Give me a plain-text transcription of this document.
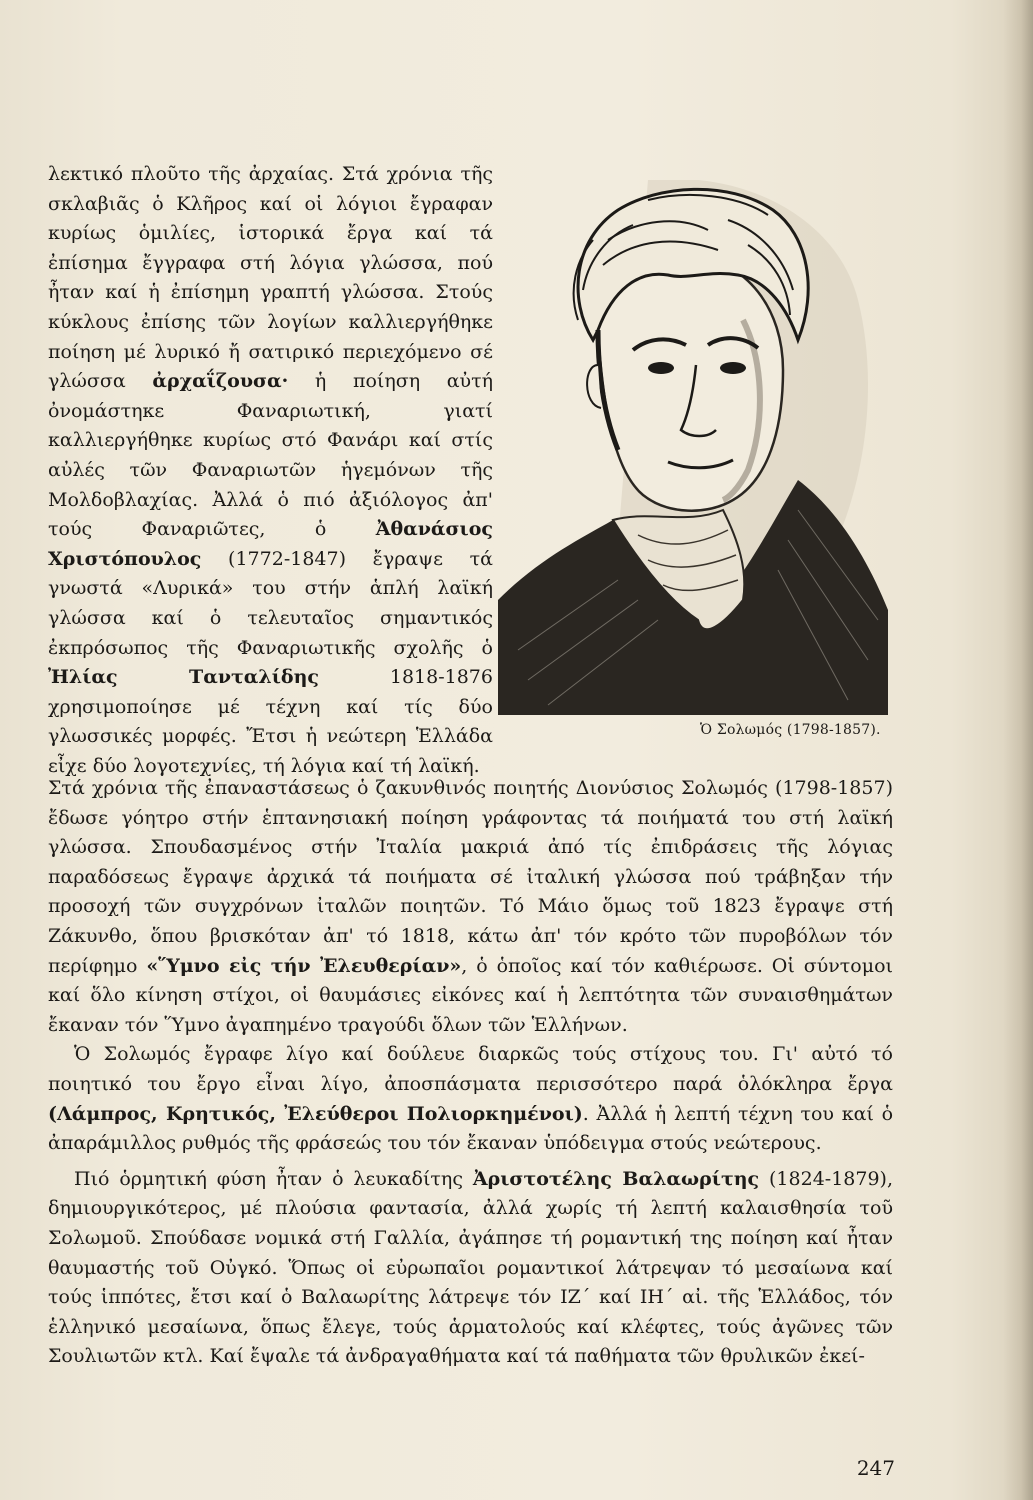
λεκτικό πλοῦτο τῆς ἀρχαίας. Στά χρόνια τῆς σκλαβιᾶς ὁ Κλῆρος καί οἱ λόγιοι ἔγραφαν κυρίως ὁμιλίες, ἱστορικά ἔργα καί τά ἐπίσημα ἔγγραφα στή λόγια γλώσσα, πού ἦταν καί ἡ ἐπίσημη γραπτή γλώσσα. Στούς κύκλους ἐπίσης τῶν λογίων καλλιεργήθηκε ποίηση μέ λυρικό ἤ σατιρικό περιεχόμενο σέ γλώσσα ἀρχαΐζουσα· ἡ ποίηση αὐτή ὀνομάστηκε Φαναριωτική, γιατί καλλιεργήθηκε κυρίως στό Φανάρι καί στίς αὐλές τῶν Φαναριωτῶν ἡγεμόνων τῆς Μολδοβλαχίας. Ἀλλά ὁ πιό ἀξιόλογος ἀπ' τούς Φαναριῶτες, ὁ Ἀθανάσιος Χριστόπουλος (1772-1847) ἔγραψε τά γνωστά «Λυρικά» του στήν ἁπλή λαϊκή γλώσσα καί ὁ τελευταῖος σημαντικός ἐκπρόσωπος τῆς Φαναριωτικῆς σχολῆς ὁ Ἠλίας Τανταλίδης 1818-1876 χρησιμοποίησε μέ τέχνη καί τίς δύο γλωσσικές μορφές. Ἔτσι ἡ νεώτερη Ἑλλάδα εἶχε δύο λογοτεχνίες, τή λόγια καί τή λαϊκή.

Ὁ Σολωμός (1798-1857).

Στά χρόνια τῆς ἐπαναστάσεως ὁ ζακυνθινός ποιητής Διονύσιος Σολωμός (1798-1857) ἔδωσε γόητρο στήν ἑπτανησιακή ποίηση γράφοντας τά ποιήματά του στή λαϊκή γλώσσα. Σπουδασμένος στήν Ἰταλία μακριά ἀπό τίς ἐπιδράσεις τῆς λόγιας παραδόσεως ἔγραψε ἀρχικά τά ποιήματα σέ ἰταλική γλώσσα πού τράβηξαν τήν προσοχή τῶν συγχρόνων ἰταλῶν ποιητῶν. Τό Μάιο ὅμως τοῦ 1823 ἔγραψε στή Ζάκυνθο, ὅπου βρισκόταν ἀπ' τό 1818, κάτω ἀπ' τόν κρότο τῶν πυροβόλων τόν περίφημο «Ὕμνο εἰς τήν Ἐλευθερίαν», ὁ ὁποῖος καί τόν καθιέρωσε. Οἱ σύντομοι καί ὅλο κίνηση στίχοι, οἱ θαυμάσιες εἰκόνες καί ἡ λεπτότητα τῶν συναισθημάτων ἔκαναν τόν Ὕμνο ἀγαπημένο τραγούδι ὅλων τῶν Ἑλλήνων.

Ὁ Σολωμός ἔγραφε λίγο καί δούλευε διαρκῶς τούς στίχους του. Γι' αὐτό τό ποιητικό του ἔργο εἶναι λίγο, ἀποσπάσματα περισσότερο παρά ὁλόκληρα ἔργα (Λάμπρος, Κρητικός, Ἐλεύθεροι Πολιορκημένοι). Ἀλλά ἡ λεπτή τέχνη του καί ὁ ἀπαράμιλλος ρυθμός τῆς φράσεώς του τόν ἔκαναν ὑπόδειγμα στούς νεώτερους.

Πιό ὁρμητική φύση ἦταν ὁ λευκαδίτης Ἀριστοτέλης Βαλαωρίτης (1824-1879), δημιουργικότερος, μέ πλούσια φαντασία, ἀλλά χωρίς τή λεπτή καλαισθησία τοῦ Σολωμοῦ. Σπούδασε νομικά στή Γαλλία, ἀγάπησε τή ρομαντική της ποίηση καί ἦταν θαυμαστής τοῦ Οὐγκό. Ὅπως οἱ εὐρωπαῖοι ρομαντικοί λάτρεψαν τό μεσαίωνα καί τούς ἱππότες, ἔτσι καί ὁ Βαλαωρίτης λάτρεψε τόν ΙΖ΄ καί ΙΗ΄ αἰ. τῆς Ἑλλάδος, τόν ἑλληνικό μεσαίωνα, ὅπως ἔλεγε, τούς ἁρματολούς καί κλέφτες, τούς ἀγῶνες τῶν Σουλιωτῶν κτλ. Καί ἔψαλε τά ἀνδραγαθήματα καί τά παθήματα τῶν θρυλικῶν ἐκεί-

247
